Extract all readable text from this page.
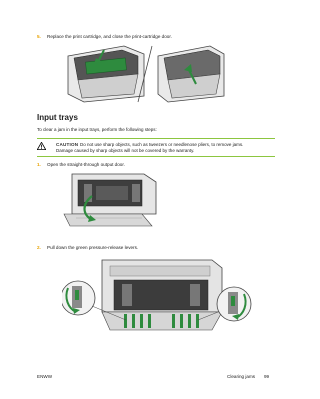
5. Replace the print cartridge, and close the print-cartridge door.
Input trays
To clear a jam in the input trays, perform the following steps:
CAUTION Do not use sharp objects, such as tweezers or needlenose pliers, to remove jams.
Damage caused by sharp objects will not be covered by the warranty.
1. Open the straight-through output door.
2. Pull down the green pressure-release levers.
ENWW	Clearing jams 99
